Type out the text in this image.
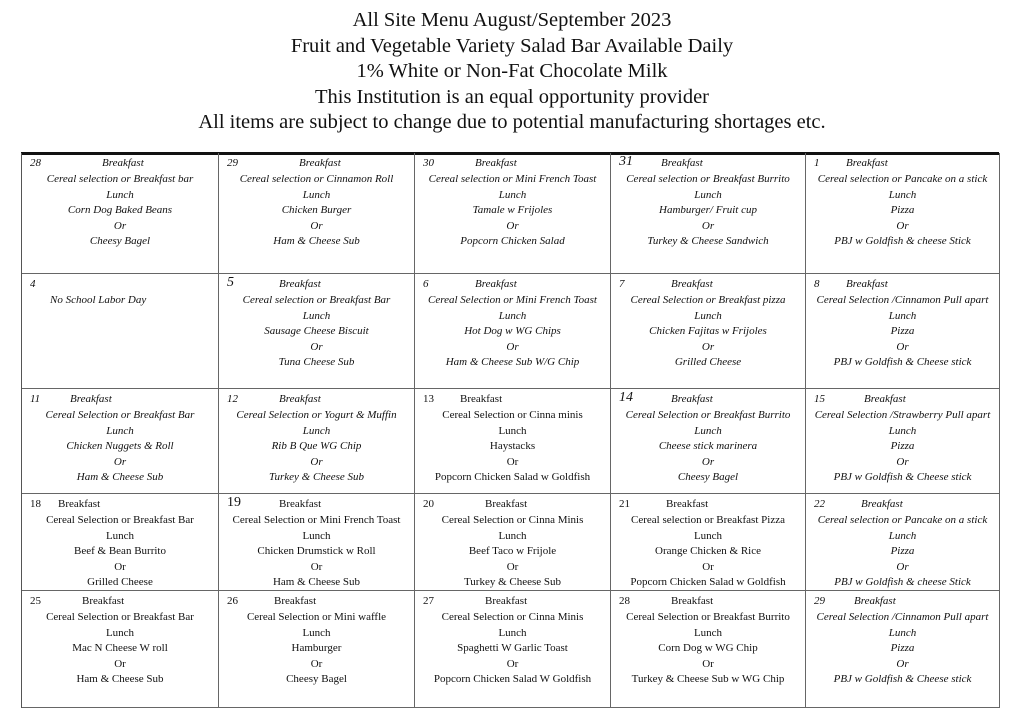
All Site Menu August/September 2023
Fruit and Vegetable Variety Salad Bar Available Daily
1% White or Non-Fat Chocolate Milk
This Institution is an equal opportunity provider
All items are subject to change due to potential manufacturing shortages etc.
28	Breakfast
Cereal selection or Breakfast bar
Lunch
Corn Dog Baked Beans
Or
Cheesy Bagel
29	Breakfast
Cereal selection or Cinnamon Roll
Lunch
Chicken Burger
Or
Ham & Cheese Sub
30	Breakfast
Cereal selection or Mini French Toast
Lunch
Tamale w Frijoles
Or
Popcorn Chicken Salad
31	Breakfast
Cereal selection or Breakfast Burrito
Lunch
Hamburger/ Fruit cup
Or
Turkey & Cheese Sandwich
1 Breakfast
Cereal selection or Pancake on a stick
Lunch
Pizza
Or
PBJ w Goldfish & cheese Stick
4
No School Labor Day
5	Breakfast
Cereal selection or Breakfast Bar
Lunch
Sausage Cheese Biscuit
Or
Tuna Cheese Sub
6	Breakfast
Cereal Selection or Mini French Toast
Lunch
Hot Dog w WG Chips
Or
Ham & Cheese Sub W/G Chip
7	Breakfast
Cereal Selection or Breakfast pizza
Lunch
Chicken Fajitas w Frijoles
Or
Grilled Cheese
8 Breakfast
Cereal Selection /Cinnamon Pull apart
Lunch
Pizza
Or
PBJ w Goldfish & Cheese stick
11	Breakfast
Cereal Selection or Breakfast Bar
Lunch
Chicken Nuggets & Roll
Or
Ham & Cheese Sub
12	Breakfast
Cereal Selection or Yogurt & Muffin
Lunch
Rib B Que WG Chip
Or
Turkey & Cheese Sub
13 Breakfast
Cereal Selection or Cinna minis
Lunch
Haystacks
Or
Popcorn Chicken Salad w Goldfish
14	Breakfast
Cereal Selection or Breakfast Burrito
Lunch
Cheese stick marinera
Or
Cheesy Bagel
15	Breakfast
Cereal Selection /Strawberry Pull apart
Lunch
Pizza
Or
PBJ w Goldfish & Cheese stick
18 Breakfast
Cereal Selection or Breakfast Bar
Lunch
Beef & Bean Burrito
Or
Grilled Cheese
19	Breakfast
Cereal Selection or Mini French Toast
Lunch
Chicken Drumstick w Roll
Or
Ham & Cheese Sub
20	Breakfast
Cereal Selection or Cinna Minis
Lunch
Beef Taco w Frijole
Or
Turkey & Cheese Sub
21	Breakfast
Cereal selection or Breakfast Pizza
Lunch
Orange Chicken & Rice
Or
Popcorn Chicken Salad w Goldfish
22	Breakfast
Cereal selection or Pancake on a stick
Lunch
Pizza
Or
PBJ w Goldfish & cheese Stick
25	Breakfast
Cereal Selection or Breakfast Bar
Lunch
Mac N Cheese W roll
Or
Ham & Cheese Sub
26	Breakfast
Cereal Selection or Mini waffle
Lunch
Hamburger
Or
Cheesy Bagel
27	Breakfast
Cereal Selection or Cinna Minis
Lunch
Spaghetti W Garlic Toast
Or
Popcorn Chicken Salad W Goldfish
28	Breakfast
Cereal Selection or Breakfast Burrito
Lunch
Corn Dog w WG Chip
Or
Turkey & Cheese Sub w WG Chip
29	Breakfast
Cereal Selection /Cinnamon Pull apart
Lunch
Pizza
Or
PBJ w Goldfish & Cheese stick
